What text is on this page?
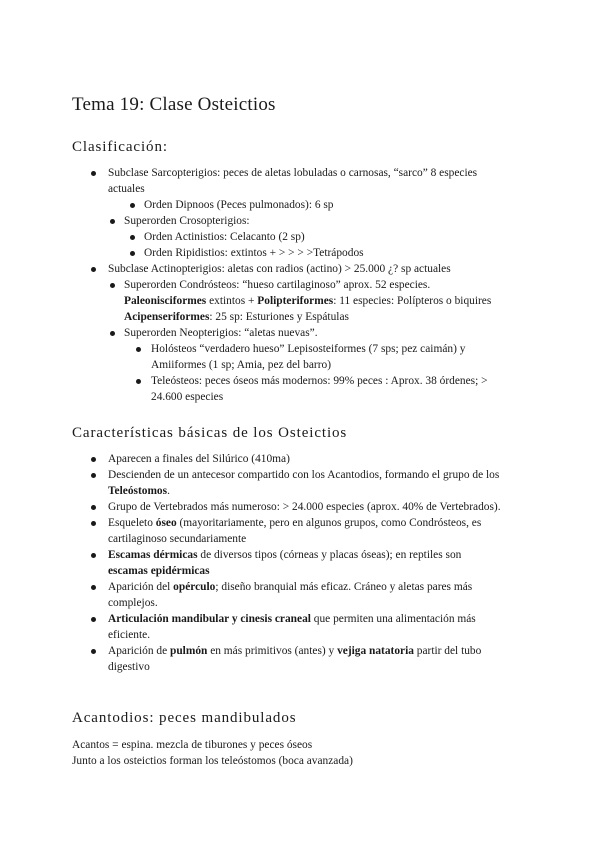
Tema 19: Clase Osteictios
Clasificación:
Subclase Sarcopterigios: peces de aletas lobuladas o carnosas, “sarco” 8 especies
actuales
Orden Dipnoos (Peces pulmonados): 6 sp
Superorden Crosopterigios:
Orden Actinistios: Celacanto (2 sp)
Orden Ripidistios: extintos + > > > >Tetrápodos
Subclase Actinopterigios: aletas con radios (actino) > 25.000 ¿? sp actuales
Superorden Condrósteos: “hueso cartilaginoso” aprox. 52 especies.
Paleonisciformes extintos + Polipteriformes: 11 especies: Polípteros o biquires
Acipenseriformes: 25 sp: Esturiones y Espátulas
Superorden Neopterigios: “aletas nuevas”.
Holósteos “verdadero hueso” Lepisosteiformes (7 sps; pez caimán) y
Amiiformes (1 sp; Amia, pez del barro)
Teleósteos: peces óseos más modernos: 99% peces : Aprox. 38 órdenes; >
24.600 especies
Características básicas de los Osteictios
Aparecen a finales del Silúrico (410ma)
Descienden de un antecesor compartido con los Acantodios, formando el grupo de los
Teleóstomos.
Grupo de Vertebrados más numeroso: > 24.000 especies (aprox. 40% de Vertebrados).
Esqueleto óseo (mayoritariamente, pero en algunos grupos, como Condrósteos, es
cartilaginoso secundariamente
Escamas dérmicas de diversos tipos (córneas y placas óseas); en reptiles son
escamas epidérmicas
Aparición del opérculo; diseño branquial más eficaz. Cráneo y aletas pares más
complejos.
Articulación mandibular y cinesis craneal que permiten una alimentación más
eficiente.
Aparición de pulmón en más primitivos (antes) y vejiga natatoria partir del tubo
digestivo
Acantodios: peces mandibulados
Acantos = espina. mezcla de tiburones y peces óseos
Junto a los osteictios forman los teleóstomos (boca avanzada)
